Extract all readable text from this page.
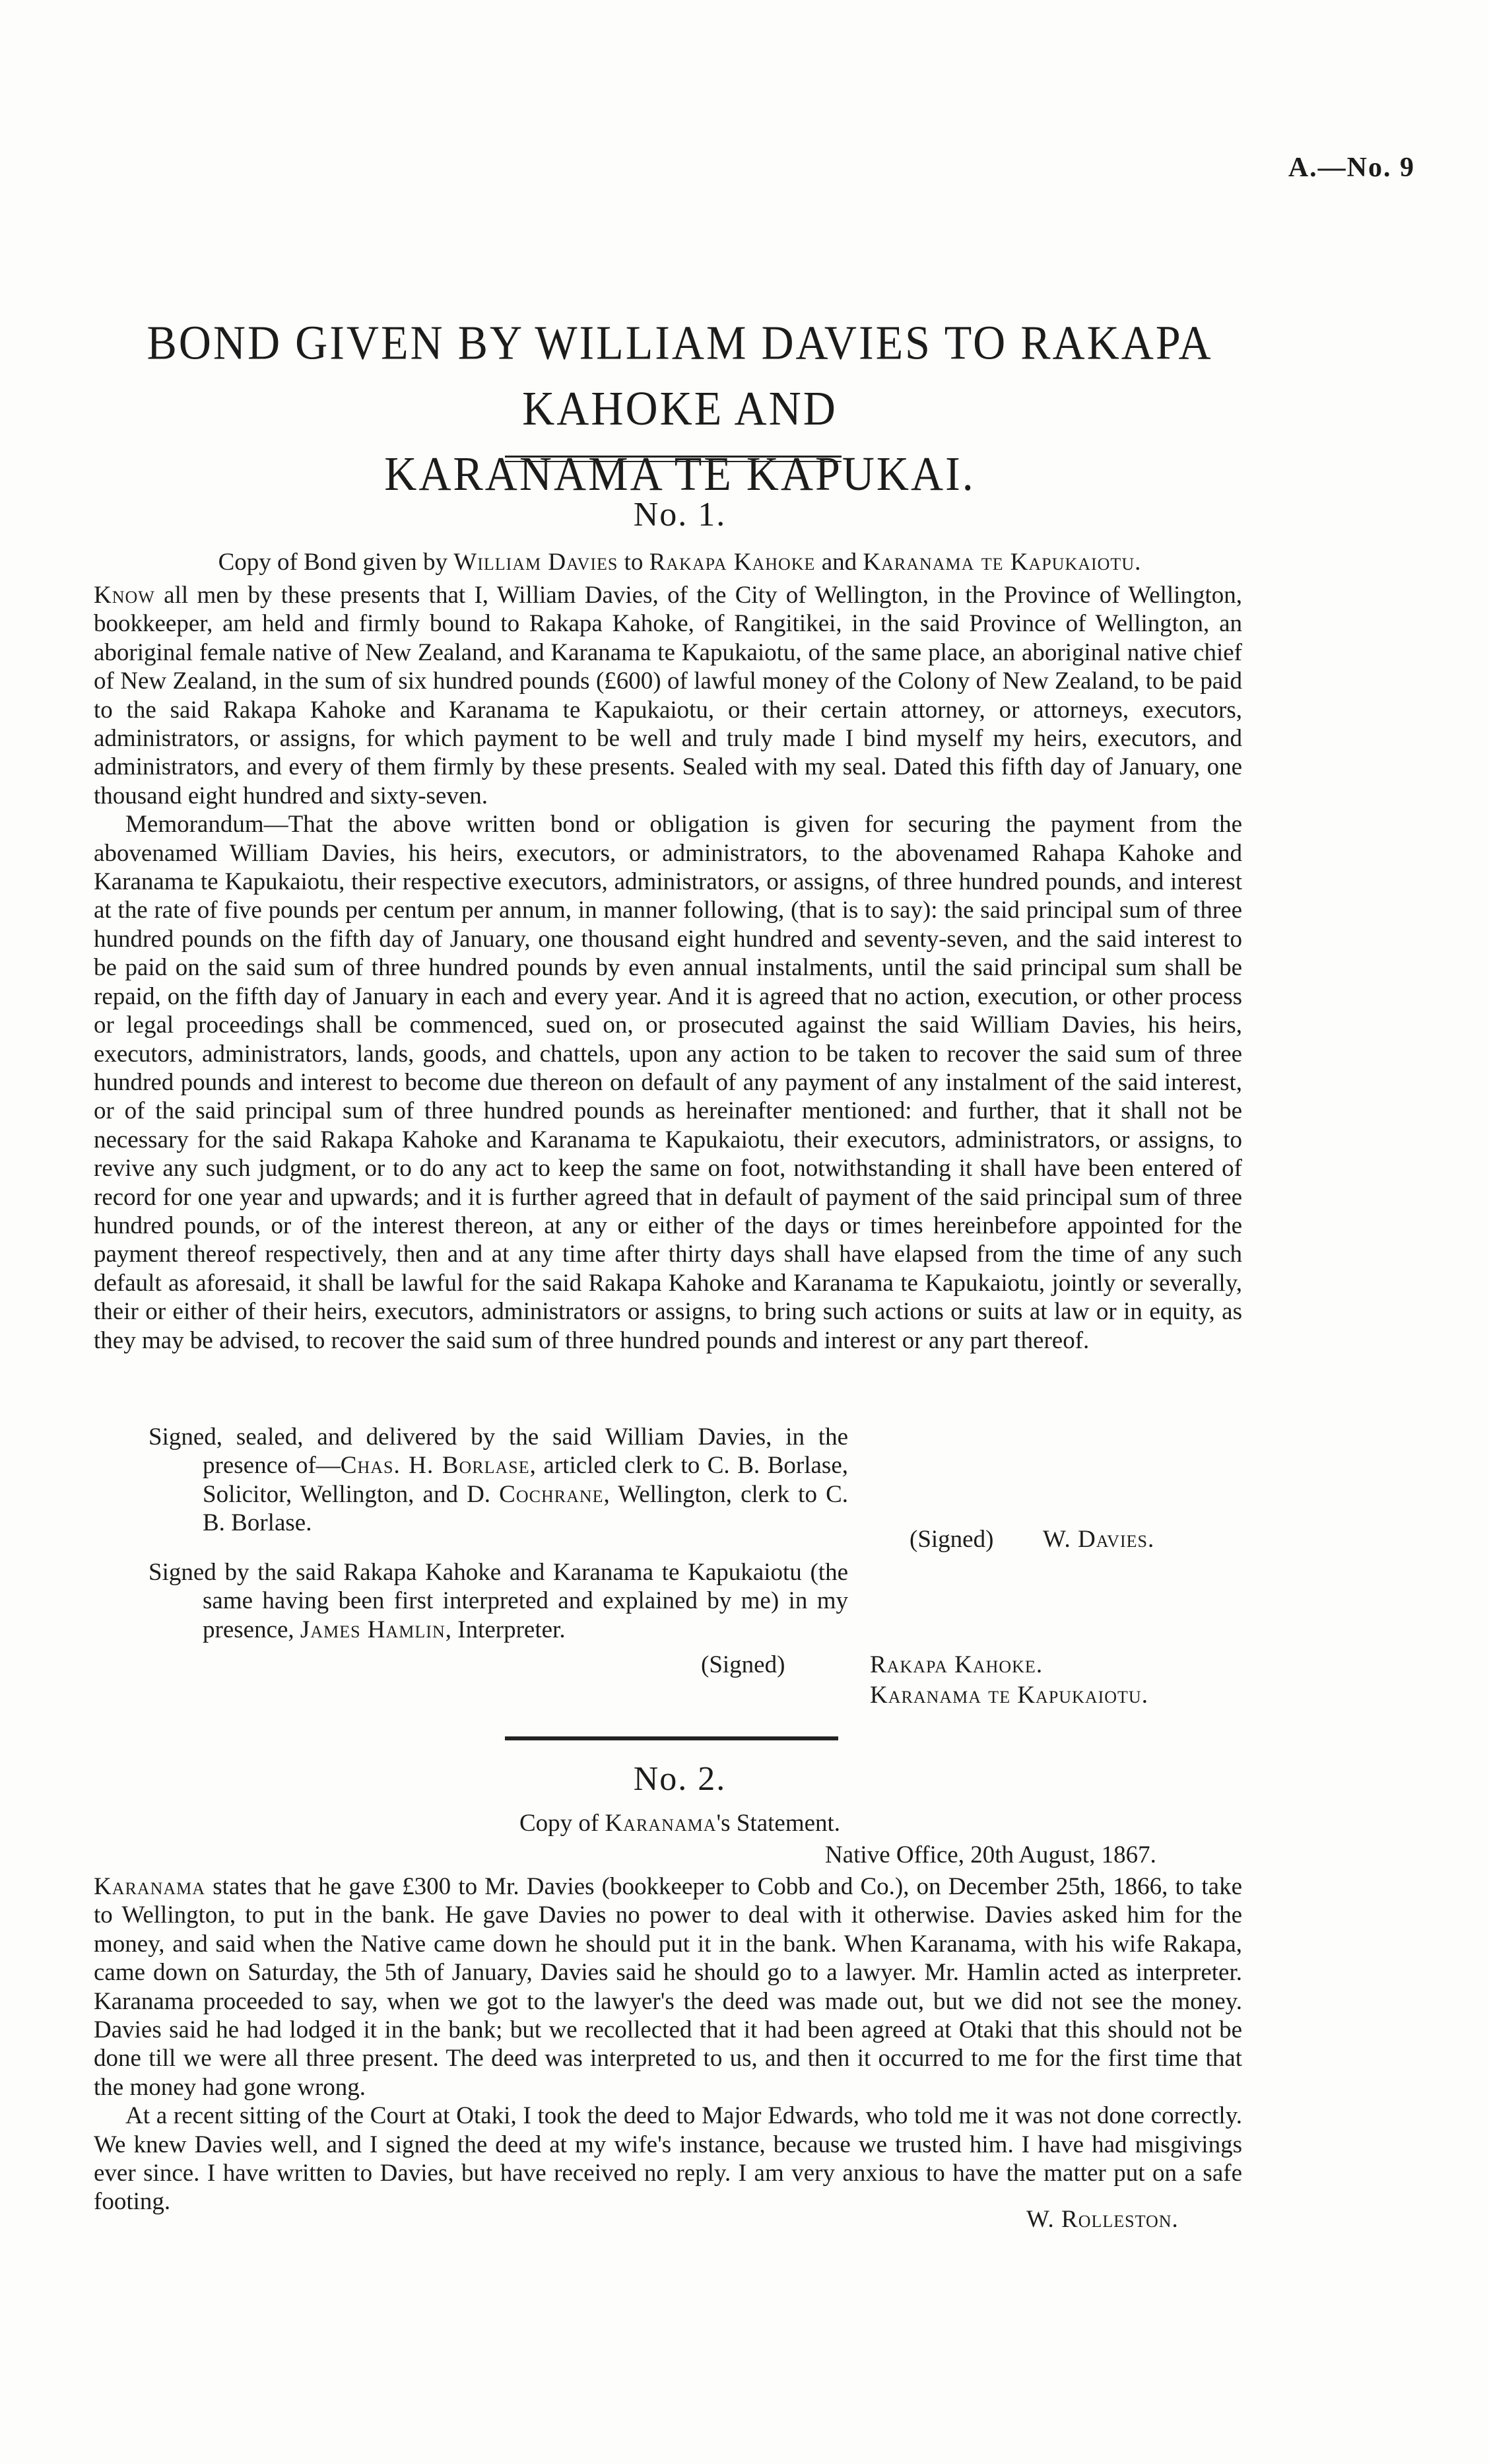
A.—No. 9
BOND GIVEN BY WILLIAM DAVIES TO RAKAPA KAHOKE AND
KARANAMA TE KAPUKAI.
No. 1.
Copy of Bond given by William Davies to Rakapa Kahoke and Karanama te Kapukaiotu.

Know all men by these presents that I, William Davies, of the City of Wellington, in the Province of Wellington, bookkeeper, am held and firmly bound to Rakapa Kahoke, of Rangitikei, in the said Province of Wellington, an aboriginal female native of New Zealand, and Karanama te Kapukaiotu, of the same place, an aboriginal native chief of New Zealand, in the sum of six hundred pounds (£600) of lawful money of the Colony of New Zealand, to be paid to the said Rakapa Kahoke and Karanama te Kapukaiotu, or their certain attorney, or attorneys, executors, administrators, or assigns, for which payment to be well and truly made I bind myself my heirs, executors, and administrators, and every of them firmly by these presents. Sealed with my seal. Dated this fifth day of January, one thousand eight hundred and sixty-seven.

Memorandum—That the above written bond or obligation is given for securing the payment from the abovenamed William Davies, his heirs, executors, or administrators, to the abovenamed Rahapa Kahoke and Karanama te Kapukaiotu, their respective executors, administrators, or assigns, of three hundred pounds, and interest at the rate of five pounds per centum per annum, in manner following, (that is to say): the said principal sum of three hundred pounds on the fifth day of January, one thousand eight hundred and seventy-seven, and the said interest to be paid on the said sum of three hundred pounds by even annual instalments, until the said principal sum shall be repaid, on the fifth day of January in each and every year. And it is agreed that no action, execution, or other process or legal proceedings shall be commenced, sued on, or prosecuted against the said William Davies, his heirs, executors, administrators, lands, goods, and chattels, upon any action to be taken to recover the said sum of three hundred pounds and interest to become due thereon on default of any payment of any instalment of the said interest, or of the said principal sum of three hundred pounds as hereinafter mentioned: and further, that it shall not be necessary for the said Rakapa Kahoke and Karanama te Kapukaiotu, their executors, administrators, or assigns, to revive any such judgment, or to do any act to keep the same on foot, notwithstanding it shall have been entered of record for one year and upwards; and it is further agreed that in default of payment of the said principal sum of three hundred pounds, or of the interest thereon, at any or either of the days or times hereinbefore appointed for the payment thereof respectively, then and at any time after thirty days shall have elapsed from the time of any such default as aforesaid, it shall be lawful for the said Rakapa Kahoke and Karanama te Kapukaiotu, jointly or severally, their or either of their heirs, executors, administrators or assigns, to bring such actions or suits at law or in equity, as they may be advised, to recover the said sum of three hundred pounds and interest or any part thereof.

Signed, sealed, and delivered by the said William Davies, in the presence of—Chas. H. Borlase, articled clerk to C. B. Borlase, Solicitor, Wellington, and D. Cochrane, Wellington, clerk to C. B. Borlase.

(Signed) W. Davies.

Signed by the said Rakapa Kahoke and Karanama te Kapukaiotu (the same having been first interpreted and explained by me) in my presence, James Hamlin, Interpreter.

(Signed)	Rakapa Kahoke.
Karanama te Kapukaiotu.
No. 2.
Copy of Karanama's Statement.
Native Office, 20th August, 1867.

Karanama states that he gave £300 to Mr. Davies (bookkeeper to Cobb and Co.), on December 25th, 1866, to take to Wellington, to put in the bank. He gave Davies no power to deal with it otherwise. Davies asked him for the money, and said when the Native came down he should put it in the bank. When Karanama, with his wife Rakapa, came down on Saturday, the 5th of January, Davies said he should go to a lawyer. Mr. Hamlin acted as interpreter. Karanama proceeded to say, when we got to the lawyer's the deed was made out, but we did not see the money. Davies said he had lodged it in the bank; but we recollected that it had been agreed at Otaki that this should not be done till we were all three present. The deed was interpreted to us, and then it occurred to me for the first time that the money had gone wrong.

At a recent sitting of the Court at Otaki, I took the deed to Major Edwards, who told me it was not done correctly. We knew Davies well, and I signed the deed at my wife's instance, because we trusted him. I have had misgivings ever since. I have written to Davies, but have received no reply. I am very anxious to have the matter put on a safe footing.

W. Rolleston.
